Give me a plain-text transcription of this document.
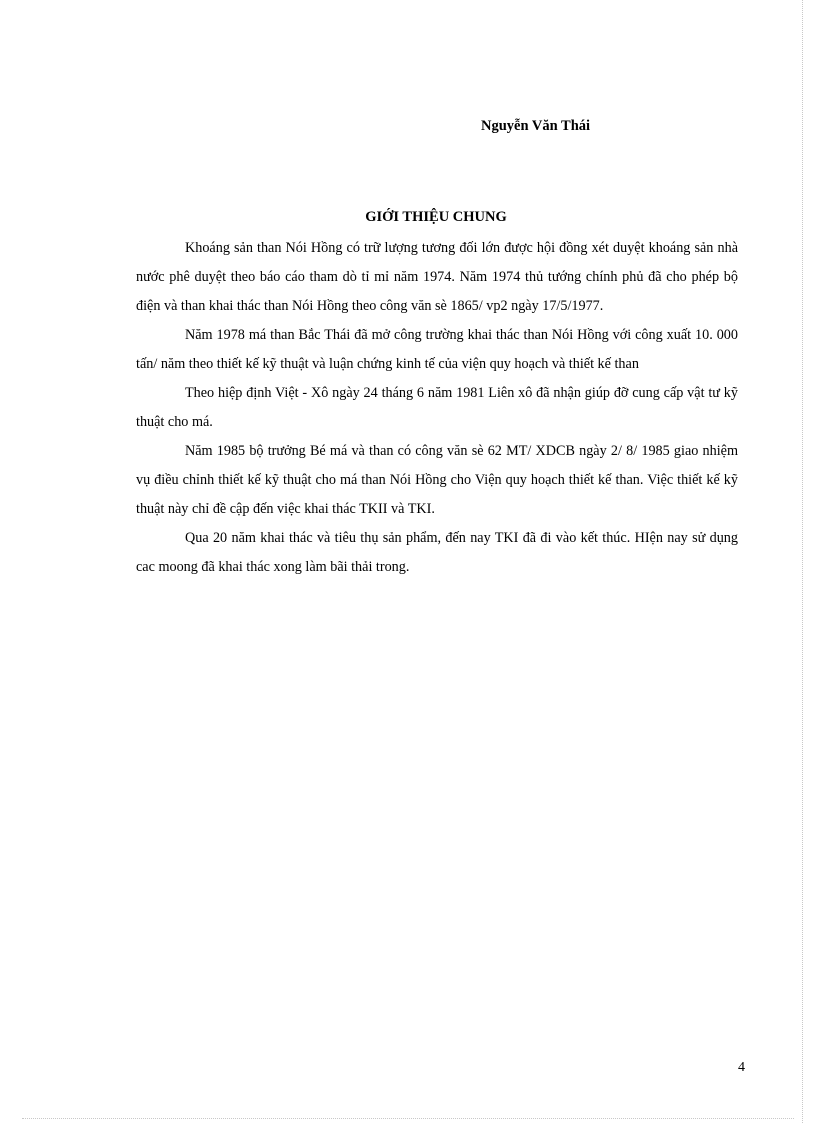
Nguyễn Văn Thái
GIỚI THIỆU CHUNG

Khoáng sản than Nói Hồng có trữ lượng tương đối lớn được hội đồng xét duyệt khoáng sản nhà nước phê duyệt theo báo cáo tham dò tỉ mỉ năm 1974. Năm 1974 thủ tướng chính phủ đã cho phép bộ điện và than khai thác than Nói Hồng theo công văn sè 1865/ vp2 ngày 17/5/1977.

Năm 1978 má than Bắc Thái đã mở công trường khai thác than Nói Hồng với công xuất 10. 000 tấn/ năm theo thiết kế kỹ thuật và luận chứng kinh tế của viện quy hoạch và thiết kế than

Theo hiệp định Việt - Xô ngày 24 tháng 6 năm 1981 Liên xô đã nhận giúp đỡ cung cấp vật tư kỹ thuật cho má.

Năm 1985 bộ trưởng Bé má và than có công văn sè 62 MT/ XDCB ngày 2/ 8/ 1985 giao nhiệm vụ điều chỉnh thiết kế kỹ thuật cho má than Nói Hồng cho Viện quy hoạch thiết kế than. Việc thiết kế kỹ thuật này chỉ đề cập đến việc khai thác TKII và TKI.

Qua 20 năm khai thác và tiêu thụ sản phẩm, đến nay TKI đã đi vào kết thúc. HIện nay sử dụng cac moong đã khai thác xong làm bãi thải trong.

4
